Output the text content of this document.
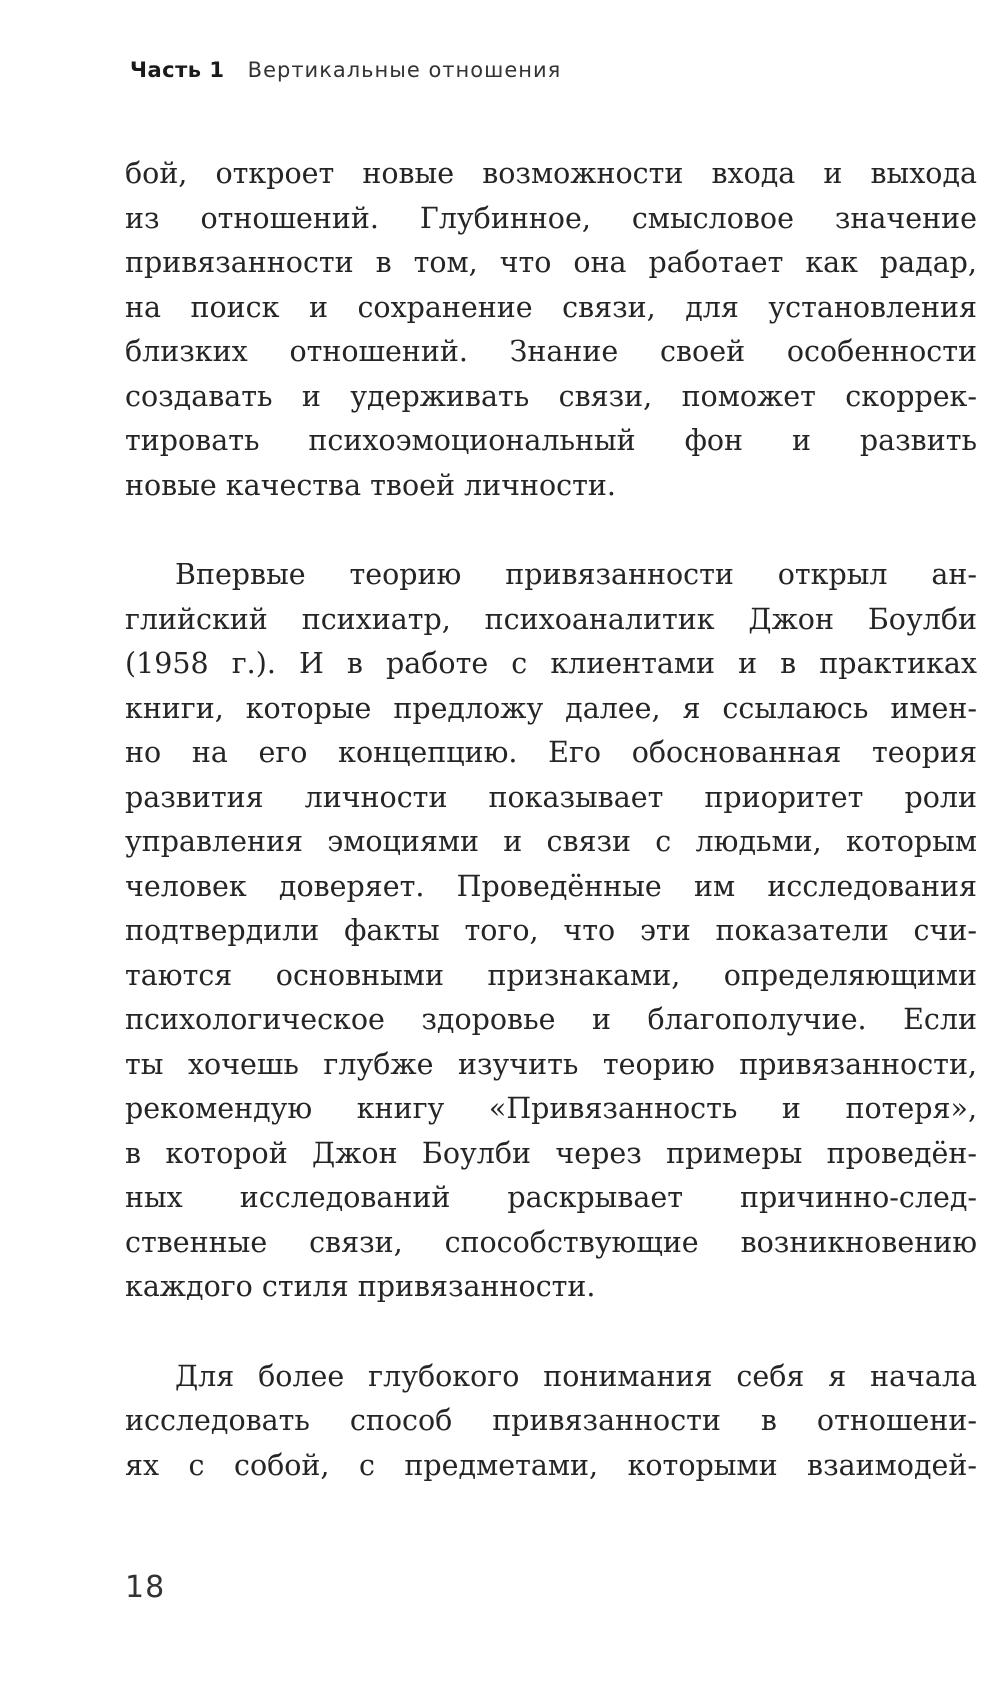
Часть 1 Вертикальные отношения
бой, откроет новые возможности входа и выхода
из отношений. Глубинное, смысловое значение
привязанности в том, что она работает как радар,
на поиск и сохранение связи, для установления
близких отношений. Знание своей особенности
создавать и удерживать связи, поможет скоррек-
тировать психоэмоциональный фон и развить
новые качества твоей личности.
Впервые теорию привязанности открыл ан-
глийский психиатр, психоаналитик Джон Боулби
(1958 г.). И в работе с клиентами и в практиках
книги, которые предложу далее, я ссылаюсь имен-
но на его концепцию. Его обоснованная теория
развития личности показывает приоритет роли
управления эмоциями и связи с людьми, которым
человек доверяет. Проведённые им исследования
подтвердили факты того, что эти показатели счи-
таются основными признаками, определяющими
психологическое здоровье и благополучие. Если
ты хочешь глубже изучить теорию привязанности,
рекомендую книгу «Привязанность и потеря»,
в которой Джон Боулби через примеры проведён-
ных исследований раскрывает причинно-след-
ственные связи, способствующие возникновению
каждого стиля привязанности.
Для более глубокого понимания себя я начала
исследовать способ привязанности в отношени-
ях с собой, с предметами, которыми взаимодей-
18
